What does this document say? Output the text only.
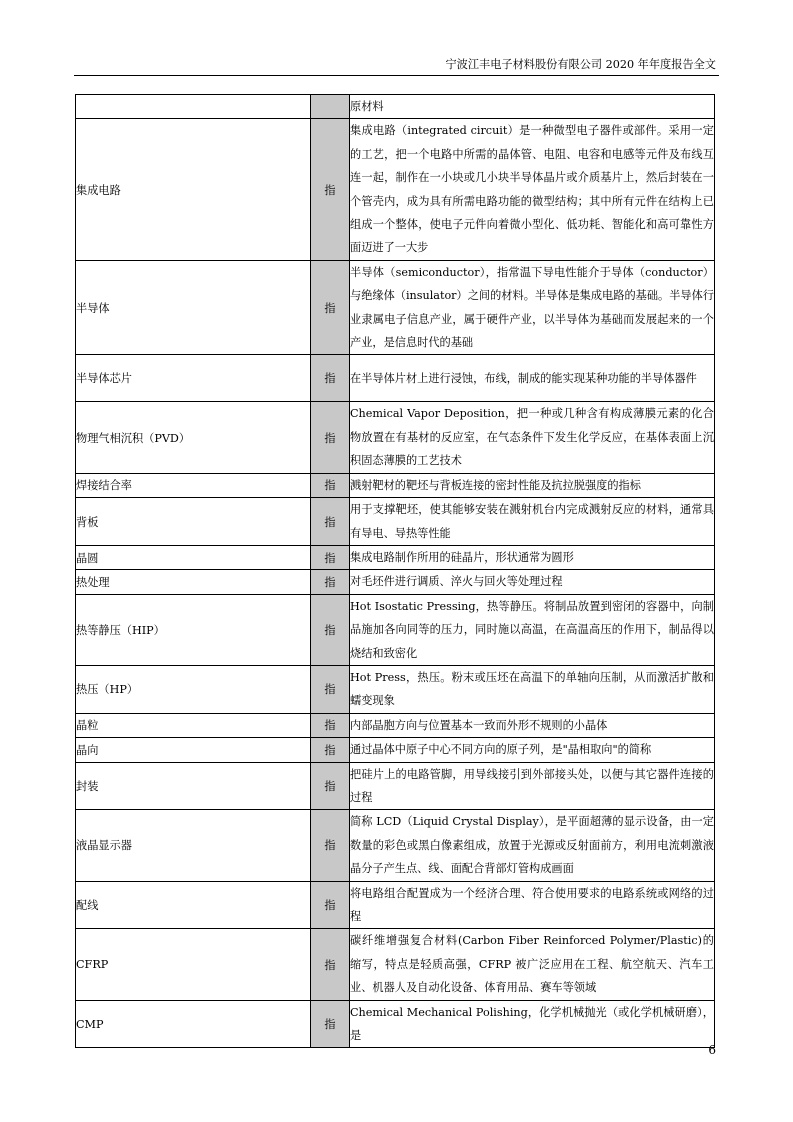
宁波江丰电子材料股份有限公司 2020 年年度报告全文
		原材料
集成电路	指	集成电路（integrated circuit）是一种微型电子器件或部件。采用一定的工艺，把一个电路中所需的晶体管、电阻、电容和电感等元件及布线互连一起，制作在一小块或几小块半导体晶片或介质基片上，然后封装在一个管壳内，成为具有所需电路功能的微型结构；其中所有元件在结构上已组成一个整体，使电子元件向着微小型化、低功耗、智能化和高可靠性方面迈进了一大步
半导体	指	半导体（semiconductor），指常温下导电性能介于导体（conductor）与绝缘体（insulator）之间的材料。半导体是集成电路的基础。半导体行业隶属电子信息产业，属于硬件产业，以半导体为基础而发展起来的一个产业，是信息时代的基础
半导体芯片	指	在半导体片材上进行浸蚀，布线，制成的能实现某种功能的半导体器件
物理气相沉积（PVD）	指	Chemical Vapor Deposition，把一种或几种含有构成薄膜元素的化合物放置在有基材的反应室，在气态条件下发生化学反应，在基体表面上沉积固态薄膜的工艺技术
焊接结合率	指	溅射靶材的靶坯与背板连接的密封性能及抗拉脱强度的指标
背板	指	用于支撑靶坯，使其能够安装在溅射机台内完成溅射反应的材料，通常具有导电、导热等性能
晶圆	指	集成电路制作所用的硅晶片，形状通常为圆形
热处理	指	对毛坯件进行调质、淬火与回火等处理过程
热等静压（HIP）	指	Hot Isostatic Pressing，热等静压。将制品放置到密闭的容器中，向制品施加各向同等的压力，同时施以高温，在高温高压的作用下，制品得以烧结和致密化
热压（HP）	指	Hot Press，热压。粉末或压坯在高温下的单轴向压制，从而激活扩散和蠕变现象
晶粒	指	内部晶胞方向与位置基本一致而外形不规则的小晶体
晶向	指	通过晶体中原子中心不同方向的原子列，是"晶相取向"的简称
封装	指	把硅片上的电路管脚，用导线接引到外部接头处，以便与其它器件连接的过程
液晶显示器	指	简称 LCD（Liquid Crystal Display），是平面超薄的显示设备，由一定数量的彩色或黑白像素组成，放置于光源或反射面前方，利用电流刺激液晶分子产生点、线、面配合背部灯管构成画面
配线	指	将电路组合配置成为一个经济合理、符合使用要求的电路系统或网络的过程
CFRP	指	碳纤维增强复合材料(Carbon Fiber Reinforced Polymer/Plastic)的缩写，特点是轻质高强，CFRP 被广泛应用在工程、航空航天、汽车工业、机器人及自动化设备、体育用品、赛车等领域
CMP	指	Chemical Mechanical Polishing，化学机械抛光（或化学机械研磨），是
6
